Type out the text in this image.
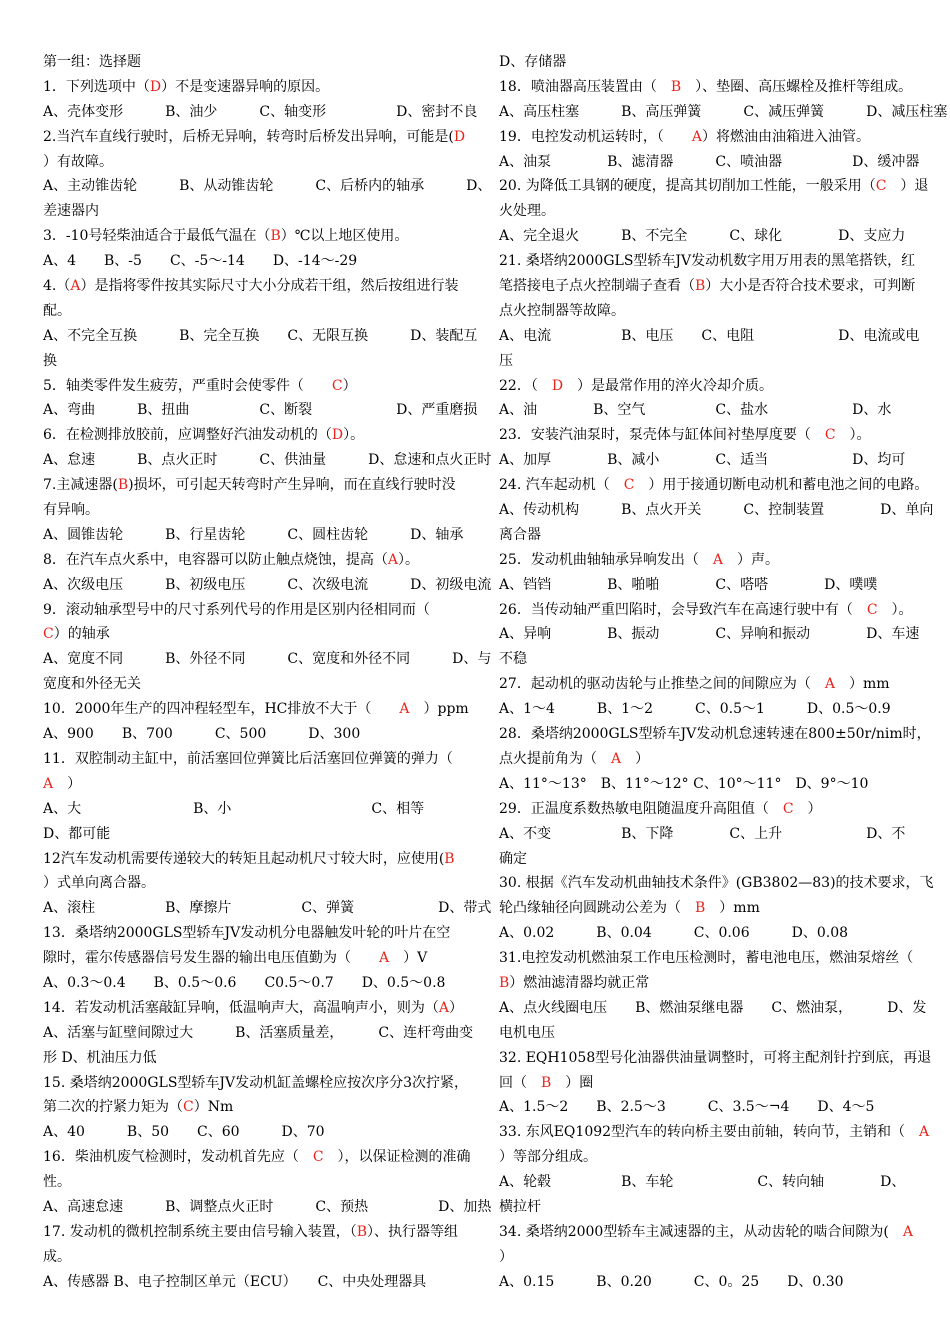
第一组：选择题
1．下列选项中（D）不是变速器异响的原因。
A、壳体变形　　　B、油少　　　C、轴变形　　　　　D、密封不良
2.当汽车直线行驶时，后桥无异响，转弯时后桥发出异响，可能是(D
）有故障。
A、主动锥齿轮　　　B、从动锥齿轮　　　C、后桥内的轴承　　　D、
差速器内
3．-10号轻柴油适合于最低气温在（B）℃以上地区使用。
A、4　　B、-5　　C、-5～-14　　D、-14～-29
4.（A）是指将零件按其实际尺寸大小分成若干组，然后按组进行装
配。
A、不完全互换　　　B、完全互换　　C、无限互换　　　D、装配互
换
5．轴类零件发生疲劳，严重时会使零件（　　C）
A、弯曲　　　B、扭曲　　　　　C、断裂　　　　　　D、严重磨损
6．在检测排放胶前，应调整好汽油发动机的（D）。
A、怠速　　　B、点火正时　　　C、供油量　　　D、怠速和点火正时
7.主减速器(B)损坏，可引起天转弯时产生异响，而在直线行驶时没
有异响。
A、圆锥齿轮　　　B、行星齿轮　　　C、圆柱齿轮　　　D、轴承
8．在汽车点火系中，电容器可以防止触点烧蚀，提高（A）。
A、次级电压　　　B、初级电压　　　C、次级电流　　　D、初级电流
9．滚动轴承型号中的尺寸系列代号的作用是区别内径相同而（
C）的轴承
A、宽度不同　　　B、外径不同　　　C、宽度和外径不同　　　D、与
宽度和外径无关
10．2000年生产的四冲程轻型车，HC排放不大于（　　A　）ppm
A、900　　B、700　　　C、500　　　D、300
11．双腔制动主缸中，前活塞回位弹簧比后活塞回位弹簧的弹力（
A　）
A、大　　　　　　　　B、小　　　　　　　　　　C、相等
D、都可能
12汽车发动机需要传递较大的转矩且起动机尺寸较大时，应使用(B
）式单向离合器。
A、滚柱　　　　　B、摩擦片　　　　　C、弹簧　　　　　　D、带式
13．桑塔纳2000GLS型轿车JV发动机分电器触发叶轮的叶片在空
隙时，霍尔传感器信号发生器的输出电压值勤为（　　A　）V
A、0.3～0.4　　B、0.5～0.6　　C0.5～0.7　　D、0.5～0.8
14．若发动机活塞敲缸异响，低温响声大，高温响声小，则为（A）
A、活塞与缸壁间隙过大　　　B、活塞质量差，　　　C、连杆弯曲变
形 D、机油压力低
15. 桑塔纳2000GLS型轿车JV发动机缸盖螺栓应按次序分3次拧紧，
第二次的拧紧力矩为（C）Nm
A、40　　　B、50　　C、60　　　D、70
16．柴油机废气检测时，发动机首先应（　C　），以保证检测的准确
性。
A、高速怠速　　　B、调整点火正时　　　C、预热　　　　　D、加热
17. 发动机的微机控制系统主要由信号输入装置，（B）、执行器等组
成。
A、传感器 B、电子控制区单元（ECU）　　C、中央处理器具
D、存储器
18．喷油器高压装置由（　B　）、垫圈、高压螺栓及推杆等组成。
A、高压柱塞　　　B、高压弹簧　　　C、减压弹簧　　　D、减压柱塞
19．电控发动机运转时，（　　A）将燃油由油箱进入油管。
A、油泵　　　　B、滤清器　　　C、喷油器　　　　　D、缓冲器
20. 为降低工具钢的硬度，提高其切削加工性能，一般采用（C　）退
火处理。
A、完全退火　　　B、不完全　　　C、球化　　　　D、支应力
21. 桑塔纳2000GLS型轿车JV发动机数字用万用表的黑笔搭铁，红
笔搭接电子点火控制端子查看（B）大小是否符合技术要求，可判断
点火控制器等故障。
A、电流　　　　　B、电压　　C、电阻　　　　　　D、电流或电
压
22．（　D　）是最常作用的淬火冷却介质。
A、油　　　　B、空气　　　　　C、盐水　　　　　　D、水
23．安装汽油泵时，泵壳体与缸体间衬垫厚度要（　C　）。
A、加厚　　　　B、减小　　　　C、适当　　　　　　D、均可
24. 汽车起动机（　C　）用于接通切断电动机和蓄电池之间的电路。
A、传动机构　　　B、点火开关　　　C、控制装置　　　　D、单向
离合器
25．发动机曲轴轴承异响发出（　A　）声。
A、铛铛　　　　B、啪啪　　　　C、嗒嗒　　　　D、噗噗
26．当传动轴严重凹陷时，会导致汽车在高速行驶中有（　C　）。
A、异响　　　　B、振动　　　　C、异响和振动　　　　D、车速
不稳
27．起动机的驱动齿轮与止推垫之间的间隙应为（　A　）mm
A、1～4　　　B、1～2　　　C、0.5～1　　　D、0.5～0.9
28．桑塔纳2000GLS型轿车JV发动机怠速转速在800±50r/nim时，
点火提前角为（　A　）
A、11°～13°　B、11°～12° C、10°～11°　D、9°～10
29．正温度系数热敏电阻随温度升高阻值（　C　）
A、不变　　　　　B、下降　　　　C、上升　　　　　　D、不
确定
30. 根据《汽车发动机曲轴技术条件》(GB3802—83)的技术要求，飞
轮凸缘轴径向圆跳动公差为（　B　）mm
A、0.02　　　B、0.04　　　C、0.06　　　D、0.08
31.电控发动机燃油泵工作电压检测时，蓄电池电压，燃油泵熔丝（
B）燃油滤清器均就正常
A、点火线圈电压　　B、燃油泵继电器　　C、燃油泵，　　　D、发
电机电压
32. EQH1058型号化油器供油量调整时，可将主配剂针拧到底，再退
回（　B　）圈
A、1.5～2　　B、2.5～3　　　C、3.5～¬4　　D、4～5
33. 东风EQ1092型汽车的转向桥主要由前轴，转向节，主销和（　A
）等部分组成。
A、轮毂　　　　　B、车轮　　　　　　C、转向轴　　　　D、
横拉杆
34. 桑塔纳2000型轿车主减速器的主，从动齿轮的啮合间隙为(　A
）
A、0.15　　　B、0.20　　　C、0。25　　D、0.30
